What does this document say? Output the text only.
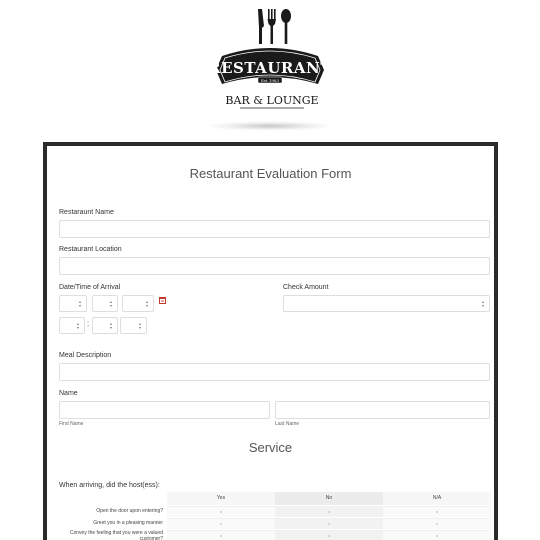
RESTAURANT
Est 1983
BAR & LOUNGE
Restaurant Evaluation Form
Restaraunt Name
Restaurant Location
Date/Time of Arrival
▴
▾
▴
▾
▴
▾
▴
▾ :	▴
▾
▴
▾
Check Amount
▴
▾
Meal Description
Name
First Name	Last Name
Service
When arriving, did the host(ess):
Yes	No	N/A
Open the door upon entering?
Greet you in a pleasing manner
Convey the feeling that you were a valued customer?
